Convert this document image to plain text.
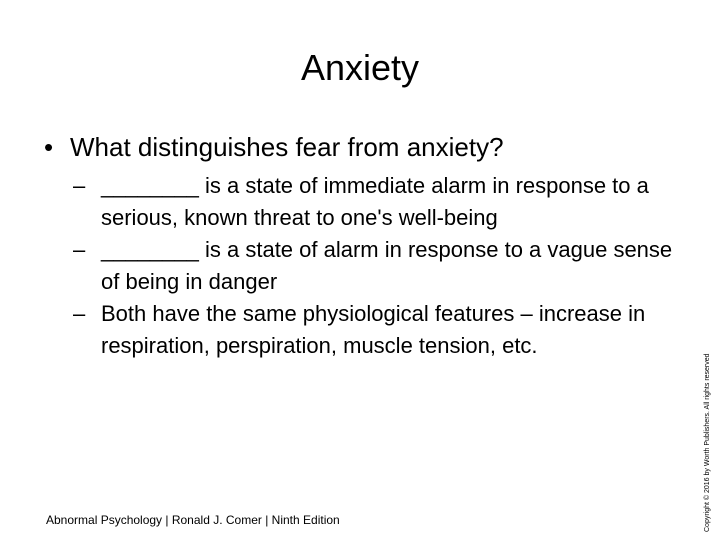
Anxiety
• What distinguishes fear from anxiety?
– ________ is a state of immediate alarm in response to a serious, known threat to one's well-being
– ________ is a state of alarm in response to a vague sense of being in danger
– Both have the same physiological features – increase in respiration, perspiration, muscle tension, etc.
Abnormal Psychology | Ronald J. Comer | Ninth Edition	Copyright © 2016 by Worth Publishers. All rights reserved
